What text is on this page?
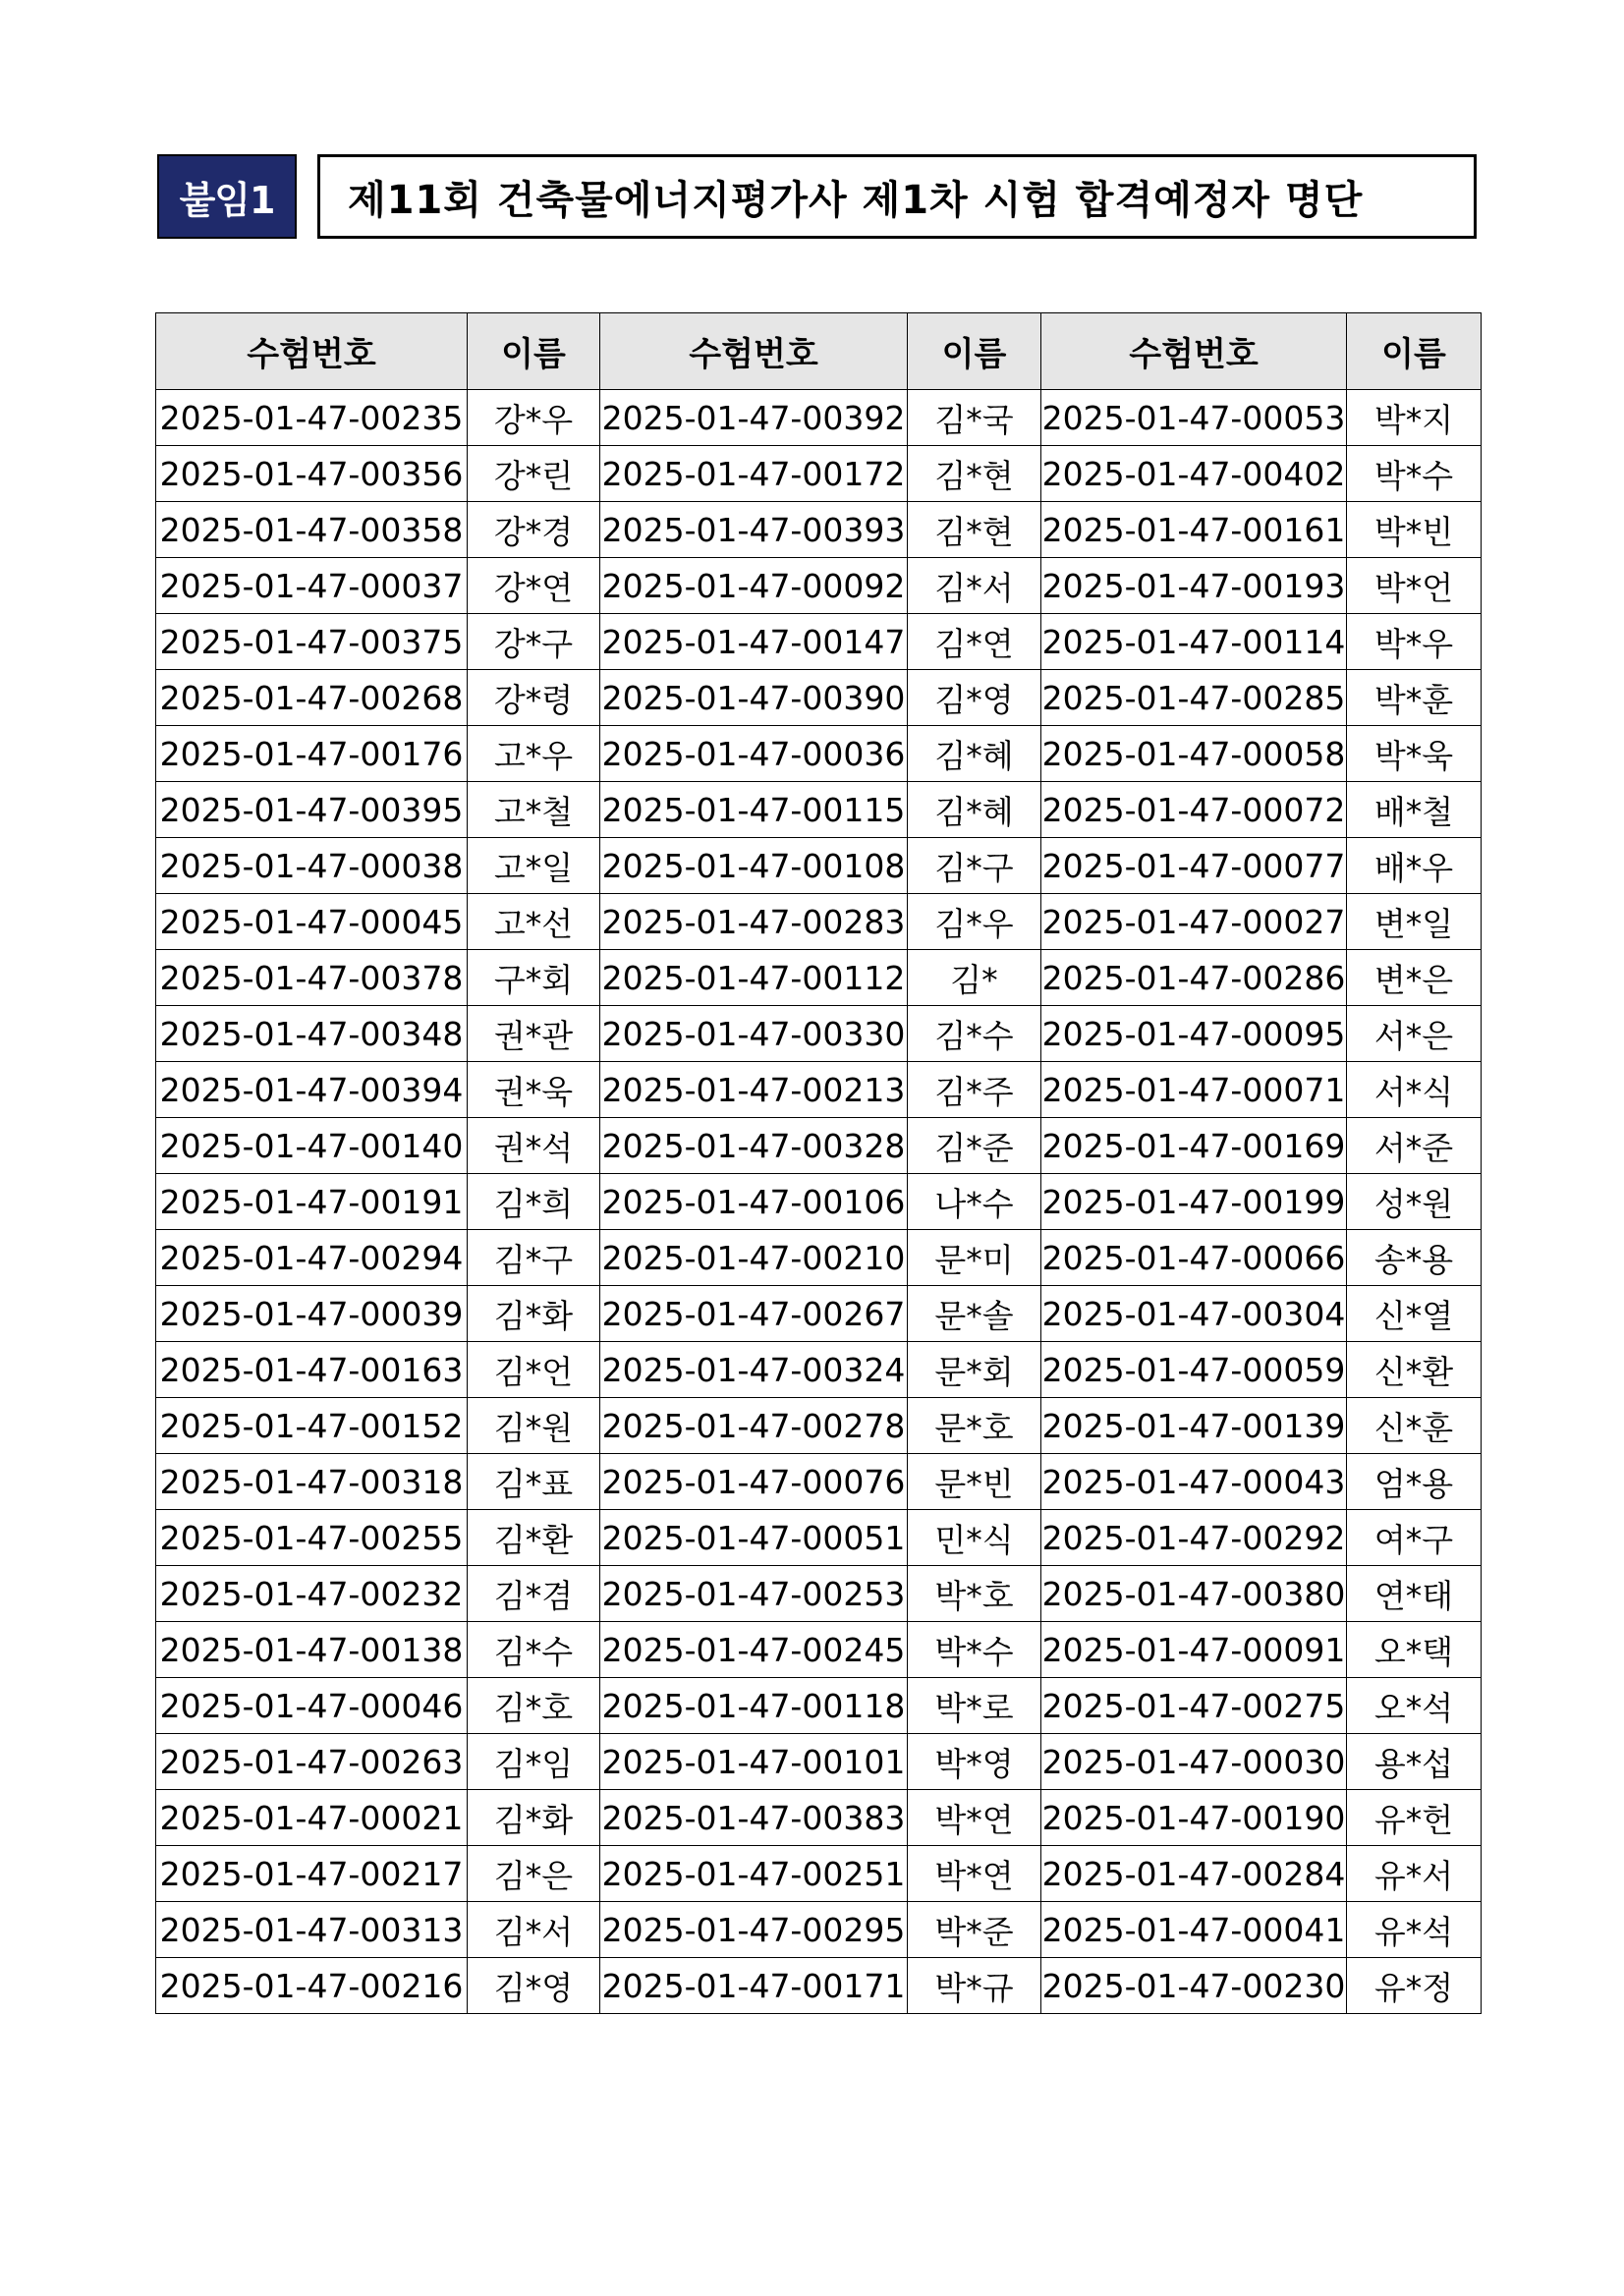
붙임1	제11회 건축물에너지평가사 제1차 시험 합격예정자 명단
수험번호	이름	수험번호	이름	수험번호	이름
2025-01-47-00235	강*우	2025-01-47-00392	김*국	2025-01-47-00053	박*지
2025-01-47-00356	강*린	2025-01-47-00172	김*현	2025-01-47-00402	박*수
2025-01-47-00358	강*경	2025-01-47-00393	김*현	2025-01-47-00161	박*빈
2025-01-47-00037	강*연	2025-01-47-00092	김*서	2025-01-47-00193	박*언
2025-01-47-00375	강*구	2025-01-47-00147	김*연	2025-01-47-00114	박*우
2025-01-47-00268	강*령	2025-01-47-00390	김*영	2025-01-47-00285	박*훈
2025-01-47-00176	고*우	2025-01-47-00036	김*혜	2025-01-47-00058	박*욱
2025-01-47-00395	고*철	2025-01-47-00115	김*혜	2025-01-47-00072	배*철
2025-01-47-00038	고*일	2025-01-47-00108	김*구	2025-01-47-00077	배*우
2025-01-47-00045	고*선	2025-01-47-00283	김*우	2025-01-47-00027	변*일
2025-01-47-00378	구*회	2025-01-47-00112	김*	2025-01-47-00286	변*은
2025-01-47-00348	권*관	2025-01-47-00330	김*수	2025-01-47-00095	서*은
2025-01-47-00394	권*욱	2025-01-47-00213	김*주	2025-01-47-00071	서*식
2025-01-47-00140	권*석	2025-01-47-00328	김*준	2025-01-47-00169	서*준
2025-01-47-00191	김*희	2025-01-47-00106	나*수	2025-01-47-00199	성*원
2025-01-47-00294	김*구	2025-01-47-00210	문*미	2025-01-47-00066	송*용
2025-01-47-00039	김*화	2025-01-47-00267	문*솔	2025-01-47-00304	신*열
2025-01-47-00163	김*언	2025-01-47-00324	문*회	2025-01-47-00059	신*환
2025-01-47-00152	김*원	2025-01-47-00278	문*호	2025-01-47-00139	신*훈
2025-01-47-00318	김*표	2025-01-47-00076	문*빈	2025-01-47-00043	엄*용
2025-01-47-00255	김*환	2025-01-47-00051	민*식	2025-01-47-00292	여*구
2025-01-47-00232	김*겸	2025-01-47-00253	박*호	2025-01-47-00380	연*태
2025-01-47-00138	김*수	2025-01-47-00245	박*수	2025-01-47-00091	오*택
2025-01-47-00046	김*호	2025-01-47-00118	박*로	2025-01-47-00275	오*석
2025-01-47-00263	김*임	2025-01-47-00101	박*영	2025-01-47-00030	용*섭
2025-01-47-00021	김*화	2025-01-47-00383	박*연	2025-01-47-00190	유*헌
2025-01-47-00217	김*은	2025-01-47-00251	박*연	2025-01-47-00284	유*서
2025-01-47-00313	김*서	2025-01-47-00295	박*준	2025-01-47-00041	유*석
2025-01-47-00216	김*영	2025-01-47-00171	박*규	2025-01-47-00230	유*정
